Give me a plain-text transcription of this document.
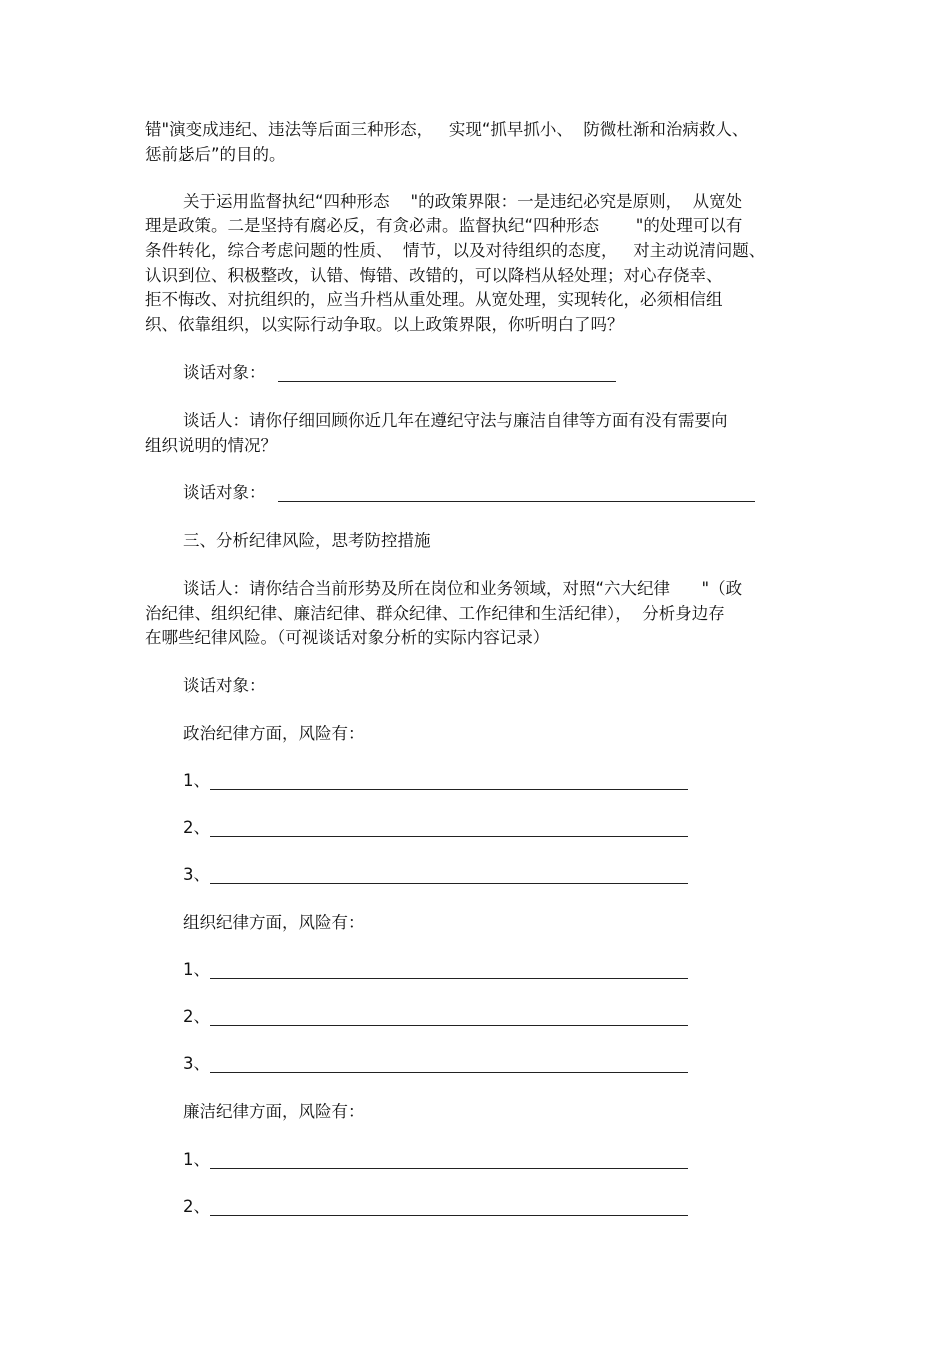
错"演变成违纪、违法等后面三种形态，   实现“抓早抓小、  防微杜渐和治病救人、
惩前毖后”的目的。
关于运用监督执纪“四种形态    "的政策界限：一是违纪必究是原则，  从宽处
理是政策。二是坚持有腐必反，有贪必肃。监督执纪“四种形态       "的处理可以有
条件转化，综合考虑问题的性质、  情节，以及对待组织的态度，   对主动说清问题、
认识到位、积极整改，认错、悔错、改错的，可以降档从轻处理；对心存侥幸、
拒不悔改、对抗组织的，应当升档从重处理。从宽处理，实现转化，必须相信组
织、依靠组织，以实际行动争取。以上政策界限，你听明白了吗？
谈话对象：
谈话人：请你仔细回顾你近几年在遵纪守法与廉洁自律等方面有没有需要向
组织说明的情况？
谈话对象：
三、分析纪律风险，思考防控措施
谈话人：请你结合当前形势及所在岗位和业务领域，对照“六大纪律      "（政
治纪律、组织纪律、廉洁纪律、群众纪律、工作纪律和生活纪律），  分析身边存
在哪些纪律风险。（可视谈话对象分析的实际内容记录）
谈话对象：
政治纪律方面，风险有：
1、
2、
3、
组织纪律方面，风险有：
1、
2、
3、
廉洁纪律方面，风险有：
1、
2、
